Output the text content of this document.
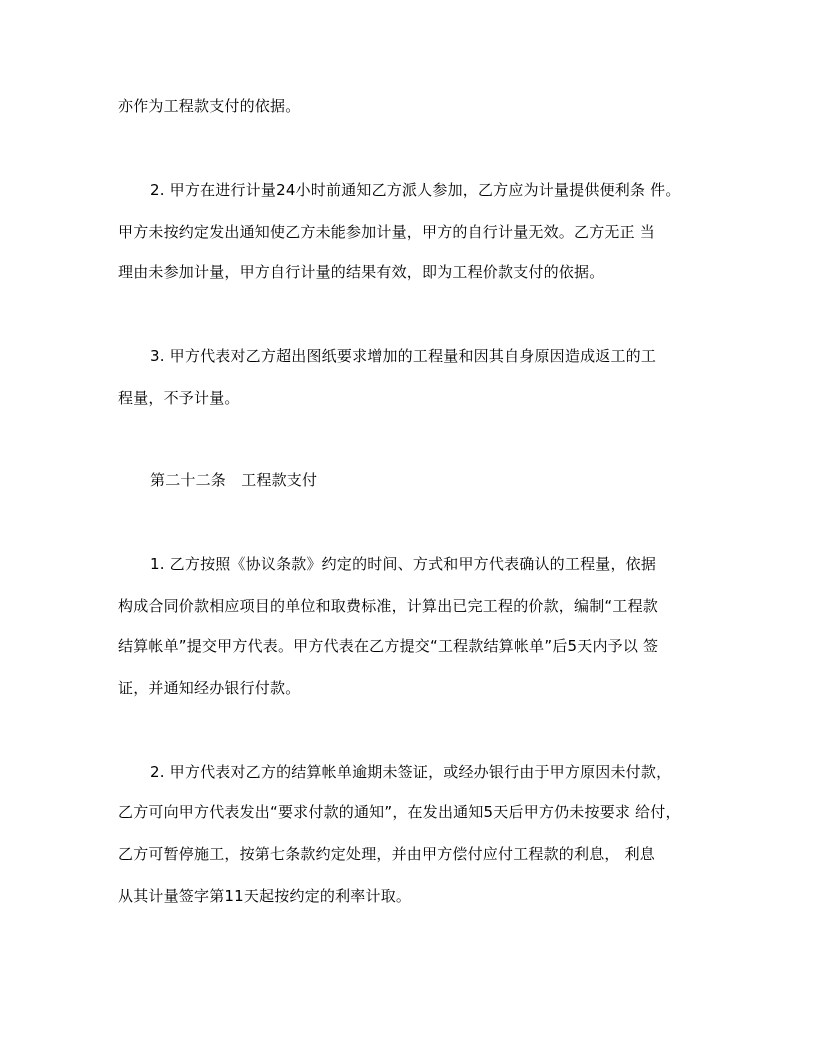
亦作为工程款支付的依据。
2. 甲方在进行计量24小时前通知乙方派人参加，乙方应为计量提供便利条 件。
甲方未按约定发出通知使乙方未能参加计量，甲方的自行计量无效。乙方无正 当
理由未参加计量，甲方自行计量的结果有效，即为工程价款支付的依据。
3. 甲方代表对乙方超出图纸要求增加的工程量和因其自身原因造成返工的工
程量，不予计量。
第二十二条　工程款支付
1. 乙方按照《协议条款》约定的时间、方式和甲方代表确认的工程量，依据
构成合同价款相应项目的单位和取费标准，计算出已完工程的价款，编制“工程款
结算帐单”提交甲方代表。甲方代表在乙方提交“工程款结算帐单”后5天内予以 签
证，并通知经办银行付款。
2. 甲方代表对乙方的结算帐单逾期未签证，或经办银行由于甲方原因未付款，
乙方可向甲方代表发出“要求付款的通知”，在发出通知5天后甲方仍未按要求 给付，
乙方可暂停施工，按第七条款约定处理，并由甲方偿付应付工程款的利息， 利息
从其计量签字第11天起按约定的利率计取。
